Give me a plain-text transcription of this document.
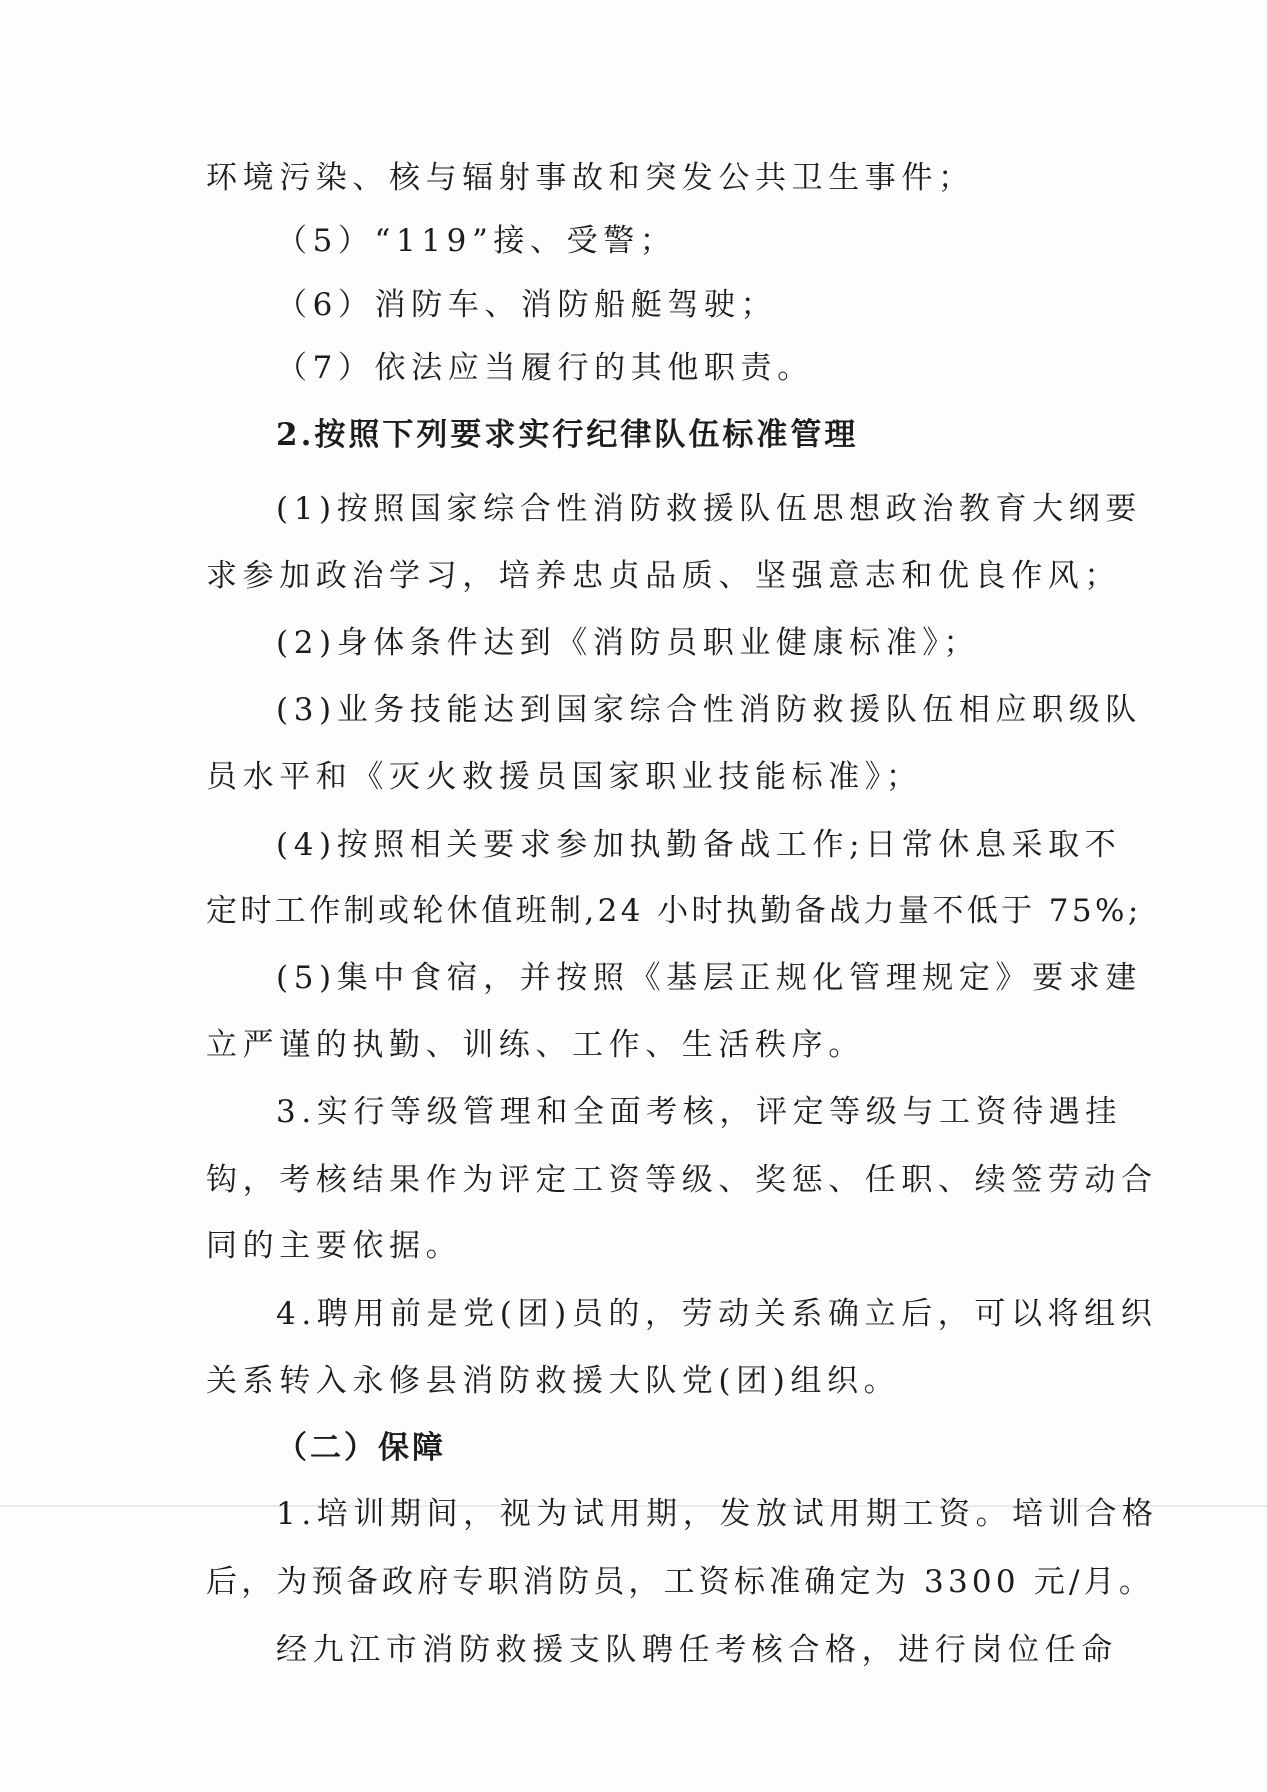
环境污染、核与辐射事故和突发公共卫生事件；
（5）“119”接、受警；
（6）消防车、消防船艇驾驶；
（7）依法应当履行的其他职责。
2.按照下列要求实行纪律队伍标准管理
(1)按照国家综合性消防救援队伍思想政治教育大纲要
求参加政治学习，培养忠贞品质、坚强意志和优良作风；
(2)身体条件达到《消防员职业健康标准》；
(3)业务技能达到国家综合性消防救援队伍相应职级队
员水平和《灭火救援员国家职业技能标准》；
(4)按照相关要求参加执勤备战工作;日常休息采取不
定时工作制或轮休值班制,24 小时执勤备战力量不低于 75%;
(5)集中食宿，并按照《基层正规化管理规定》要求建
立严谨的执勤、训练、工作、生活秩序。
3.实行等级管理和全面考核，评定等级与工资待遇挂
钩，考核结果作为评定工资等级、奖惩、任职、续签劳动合
同的主要依据。
4.聘用前是党(团)员的，劳动关系确立后，可以将组织
关系转入永修县消防救援大队党(团)组织。
（二）保障
1.培训期间，视为试用期，发放试用期工资。培训合格
后，为预备政府专职消防员，工资标准确定为 3300 元/月。
经九江市消防救援支队聘任考核合格，进行岗位任命
